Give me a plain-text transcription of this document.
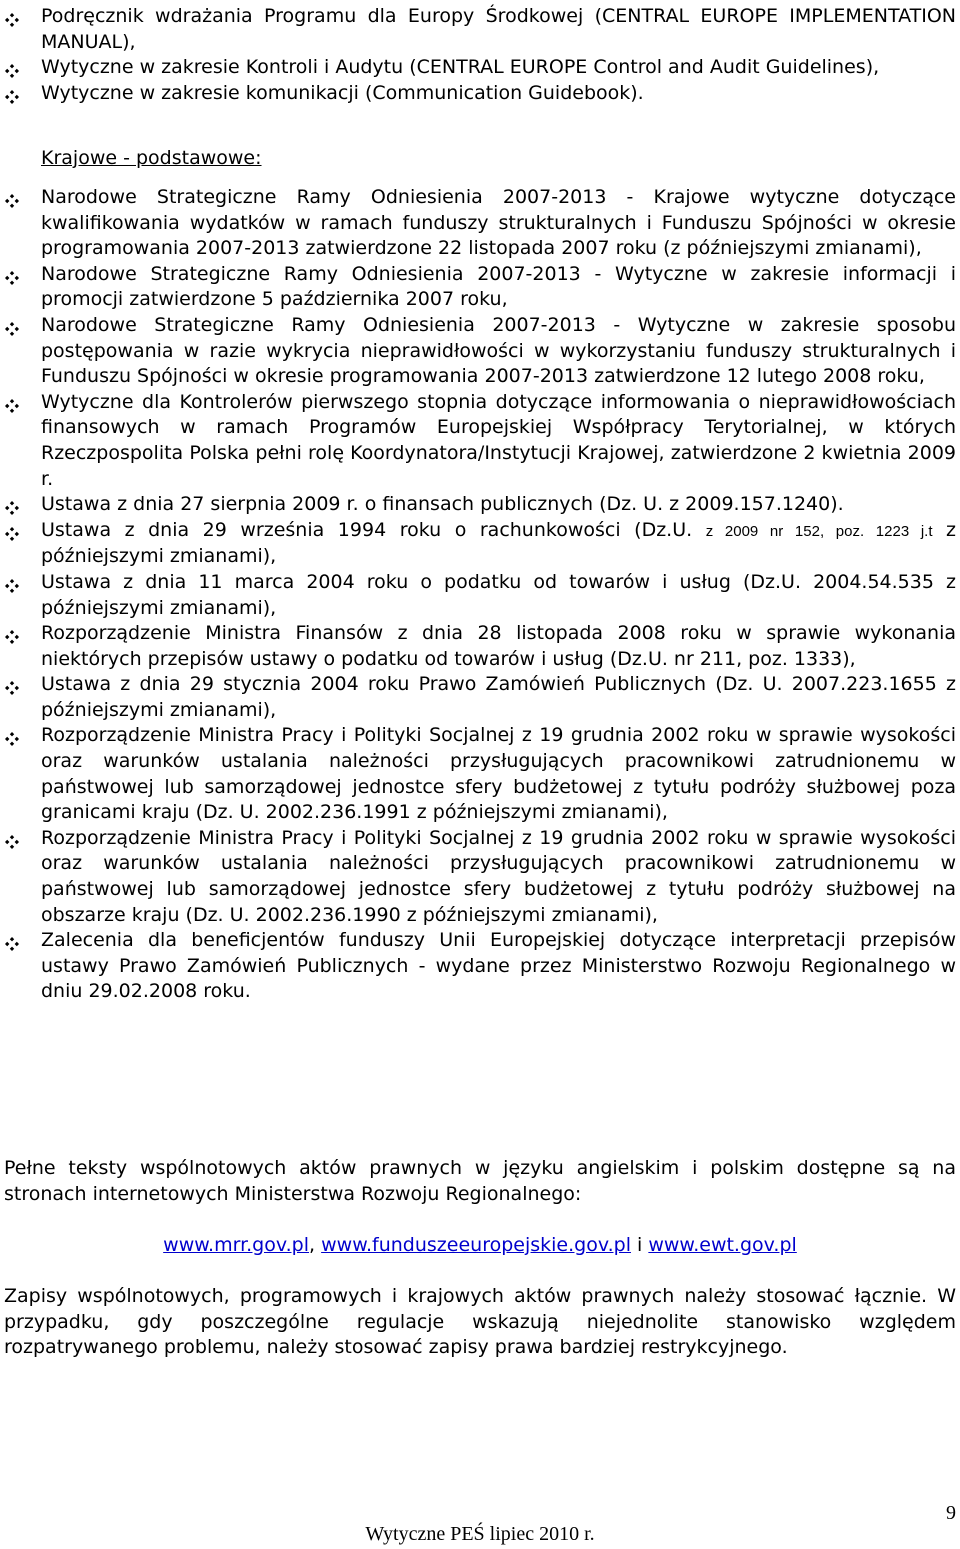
Podręcznik wdrażania Programu dla Europy Środkowej (CENTRAL EUROPE IMPLEMENTATION MANUAL),
Wytyczne w zakresie Kontroli i Audytu (CENTRAL EUROPE Control and Audit Guidelines),
Wytyczne w zakresie komunikacji (Communication Guidebook).
Krajowe - podstawowe:
Narodowe Strategiczne Ramy Odniesienia 2007-2013 - Krajowe wytyczne dotyczące kwalifikowania wydatków w ramach funduszy strukturalnych i Funduszu Spójności w okresie programowania 2007-2013 zatwierdzone 22 listopada 2007 roku (z późniejszymi zmianami),
Narodowe Strategiczne Ramy Odniesienia 2007-2013 - Wytyczne w zakresie informacji i promocji zatwierdzone 5 października 2007 roku,
Narodowe Strategiczne Ramy Odniesienia 2007-2013 - Wytyczne w zakresie sposobu postępowania w razie wykrycia nieprawidłowości w wykorzystaniu funduszy strukturalnych i Funduszu Spójności w okresie programowania 2007-2013 zatwierdzone 12 lutego 2008 roku,
Wytyczne dla Kontrolerów pierwszego stopnia dotyczące informowania o nieprawidłowościach finansowych w ramach Programów Europejskiej Współpracy Terytorialnej, w których Rzeczpospolita Polska pełni rolę Koordynatora/Instytucji Krajowej, zatwierdzone 2 kwietnia 2009 r.
Ustawa z dnia 27 sierpnia 2009 r. o finansach publicznych (Dz. U. z 2009.157.1240).
Ustawa z dnia 29 września 1994 roku o rachunkowości (Dz.U. z 2009 nr 152, poz. 1223 j.t z późniejszymi zmianami),
Ustawa z dnia 11 marca 2004 roku o podatku od towarów i usług (Dz.U. 2004.54.535 z późniejszymi zmianami),
Rozporządzenie Ministra Finansów z dnia 28 listopada 2008 roku w sprawie wykonania niektórych przepisów ustawy o podatku od towarów i usług (Dz.U. nr 211, poz. 1333),
Ustawa z dnia 29 stycznia 2004 roku Prawo Zamówień Publicznych (Dz. U. 2007.223.1655 z późniejszymi zmianami),
Rozporządzenie Ministra Pracy i Polityki Socjalnej z 19 grudnia 2002 roku w sprawie wysokości oraz warunków ustalania należności przysługujących pracownikowi zatrudnionemu w państwowej lub samorządowej jednostce sfery budżetowej z tytułu podróży służbowej poza granicami kraju (Dz. U. 2002.236.1991 z późniejszymi zmianami),
Rozporządzenie Ministra Pracy i Polityki Socjalnej z 19 grudnia 2002 roku w sprawie wysokości oraz warunków ustalania należności przysługujących pracownikowi zatrudnionemu w państwowej lub samorządowej jednostce sfery budżetowej z tytułu podróży służbowej na obszarze kraju (Dz. U. 2002.236.1990 z późniejszymi zmianami),
Zalecenia dla beneficjentów funduszy Unii Europejskiej dotyczące interpretacji przepisów ustawy Prawo Zamówień Publicznych - wydane przez Ministerstwo Rozwoju Regionalnego w dniu 29.02.2008 roku.

Pełne teksty wspólnotowych aktów prawnych w języku angielskim i polskim dostępne są na stronach internetowych Ministerstwa Rozwoju Regionalnego:

www.mrr.gov.pl, www.funduszeeuropejskie.gov.pl i www.ewt.gov.pl

Zapisy wspólnotowych, programowych i krajowych aktów prawnych należy stosować łącznie. W przypadku, gdy poszczególne regulacje wskazują niejednolite stanowisko względem rozpatrywanego problemu, należy stosować zapisy prawa bardziej restrykcyjnego.

9
Wytyczne PEŚ lipiec 2010 r.
